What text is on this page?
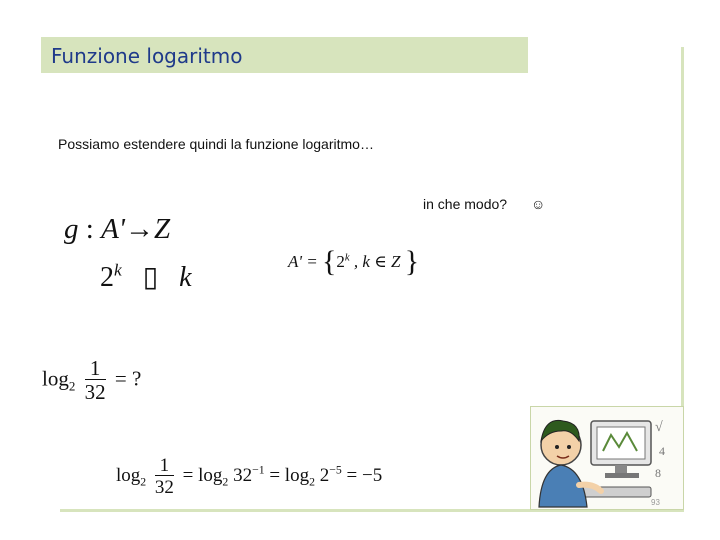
Funzione logaritmo
Possiamo estendere quindi la funzione logaritmo…
in che modo? ☺
g : A'→Z
2$^k$ ▯ k
$A' = \{2^k$ , k ∈ Z }
$\log_2 \frac{1}{32}$ = ?
$\log_2 \frac{1}{32} = \log_2 32^{-1} = \log_2 2^{-5} = -5$
√
4
8
93
